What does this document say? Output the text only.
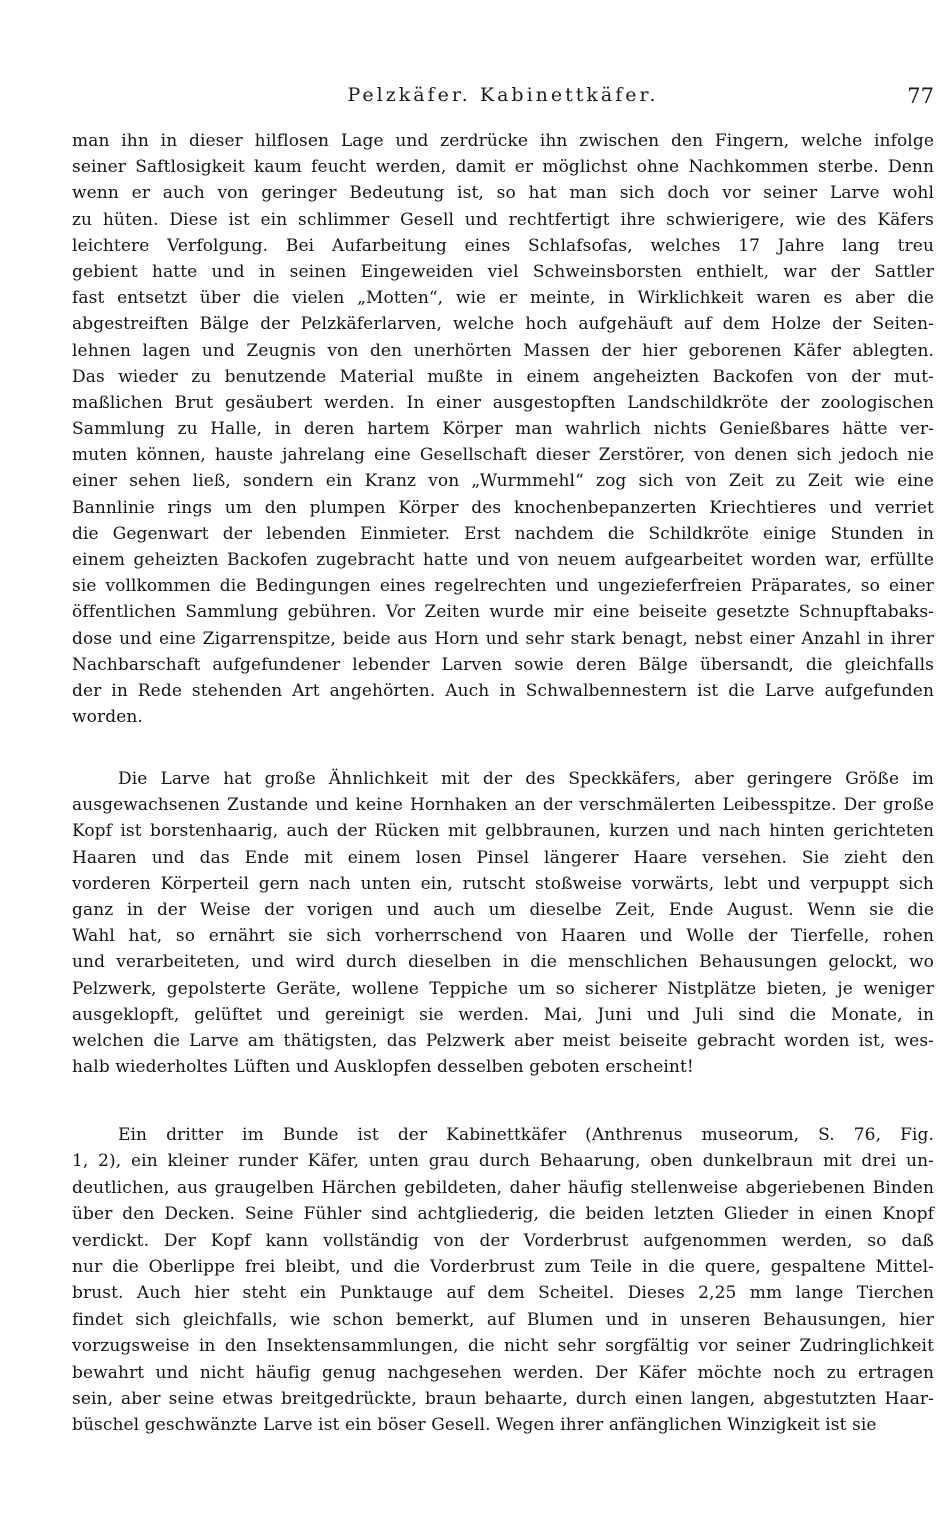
Pelzkäfer. Kabinettkäfer.	77
man ihn in dieser hilflosen Lage und zerdrücke ihn zwischen den Fingern, welche infolge
seiner Saftlosigkeit kaum feucht werden, damit er möglichst ohne Nachkommen sterbe. Denn
wenn er auch von geringer Bedeutung ist, so hat man sich doch vor seiner Larve wohl
zu hüten. Diese ist ein schlimmer Gesell und rechtfertigt ihre schwierigere, wie des Käfers
leichtere Verfolgung. Bei Aufarbeitung eines Schlafsofas, welches 17 Jahre lang treu
gebient hatte und in seinen Eingeweiden viel Schweinsborsten enthielt, war der Sattler
fast entsetzt über die vielen „Motten“, wie er meinte, in Wirklichkeit waren es aber die
abgestreiften Bälge der Pelzkäferlarven, welche hoch aufgehäuft auf dem Holze der Seiten-
lehnen lagen und Zeugnis von den unerhörten Massen der hier geborenen Käfer ablegten.
Das wieder zu benutzende Material mußte in einem angeheizten Backofen von der mut-
maßlichen Brut gesäubert werden. In einer ausgestopften Landschildkröte der zoologischen
Sammlung zu Halle, in deren hartem Körper man wahrlich nichts Genießbares hätte ver-
muten können, hauste jahrelang eine Gesellschaft dieser Zerstörer, von denen sich jedoch nie
einer sehen ließ, sondern ein Kranz von „Wurmmehl“ zog sich von Zeit zu Zeit wie eine
Bannlinie rings um den plumpen Körper des knochenbepanzerten Kriechtieres und verriet
die Gegenwart der lebenden Einmieter. Erst nachdem die Schildkröte einige Stunden in
einem geheizten Backofen zugebracht hatte und von neuem aufgearbeitet worden war, erfüllte
sie vollkommen die Bedingungen eines regelrechten und ungezieferfreien Präparates, so einer
öffentlichen Sammlung gebühren. Vor Zeiten wurde mir eine beiseite gesetzte Schnupftabaks-
dose und eine Zigarrenspitze, beide aus Horn und sehr stark benagt, nebst einer Anzahl in ihrer
Nachbarschaft aufgefundener lebender Larven sowie deren Bälge übersandt, die gleichfalls
der in Rede stehenden Art angehörten. Auch in Schwalbennestern ist die Larve aufgefunden
worden.
Die Larve hat große Ähnlichkeit mit der des Speckkäfers, aber geringere Größe im
ausgewachsenen Zustande und keine Hornhaken an der verschmälerten Leibesspitze. Der große
Kopf ist borstenhaarig, auch der Rücken mit gelbbraunen, kurzen und nach hinten gerichteten
Haaren und das Ende mit einem losen Pinsel längerer Haare versehen. Sie zieht den
vorderen Körperteil gern nach unten ein, rutscht stoßweise vorwärts, lebt und verpuppt sich
ganz in der Weise der vorigen und auch um dieselbe Zeit, Ende August. Wenn sie die
Wahl hat, so ernährt sie sich vorherrschend von Haaren und Wolle der Tierfelle, rohen
und verarbeiteten, und wird durch dieselben in die menschlichen Behausungen gelockt, wo
Pelzwerk, gepolsterte Geräte, wollene Teppiche um so sicherer Nistplätze bieten, je weniger
ausgeklopft, gelüftet und gereinigt sie werden. Mai, Juni und Juli sind die Monate, in
welchen die Larve am thätigsten, das Pelzwerk aber meist beiseite gebracht worden ist, wes-
halb wiederholtes Lüften und Ausklopfen desselben geboten erscheint!
Ein dritter im Bunde ist der Kabinettkäfer (Anthrenus museorum, S. 76, Fig.
1, 2), ein kleiner runder Käfer, unten grau durch Behaarung, oben dunkelbraun mit drei un-
deutlichen, aus graugelben Härchen gebildeten, daher häufig stellenweise abgeriebenen Binden
über den Decken. Seine Fühler sind achtgliederig, die beiden letzten Glieder in einen Knopf
verdickt. Der Kopf kann vollständig von der Vorderbrust aufgenommen werden, so daß
nur die Oberlippe frei bleibt, und die Vorderbrust zum Teile in die quere, gespaltene Mittel-
brust. Auch hier steht ein Punktauge auf dem Scheitel. Dieses 2,25 mm lange Tierchen
findet sich gleichfalls, wie schon bemerkt, auf Blumen und in unseren Behausungen, hier
vorzugsweise in den Insektensammlungen, die nicht sehr sorgfältig vor seiner Zudringlichkeit
bewahrt und nicht häufig genug nachgesehen werden. Der Käfer möchte noch zu ertragen
sein, aber seine etwas breitgedrückte, braun behaarte, durch einen langen, abgestutzten Haar-
büschel geschwänzte Larve ist ein böser Gesell. Wegen ihrer anfänglichen Winzigkeit ist sie
